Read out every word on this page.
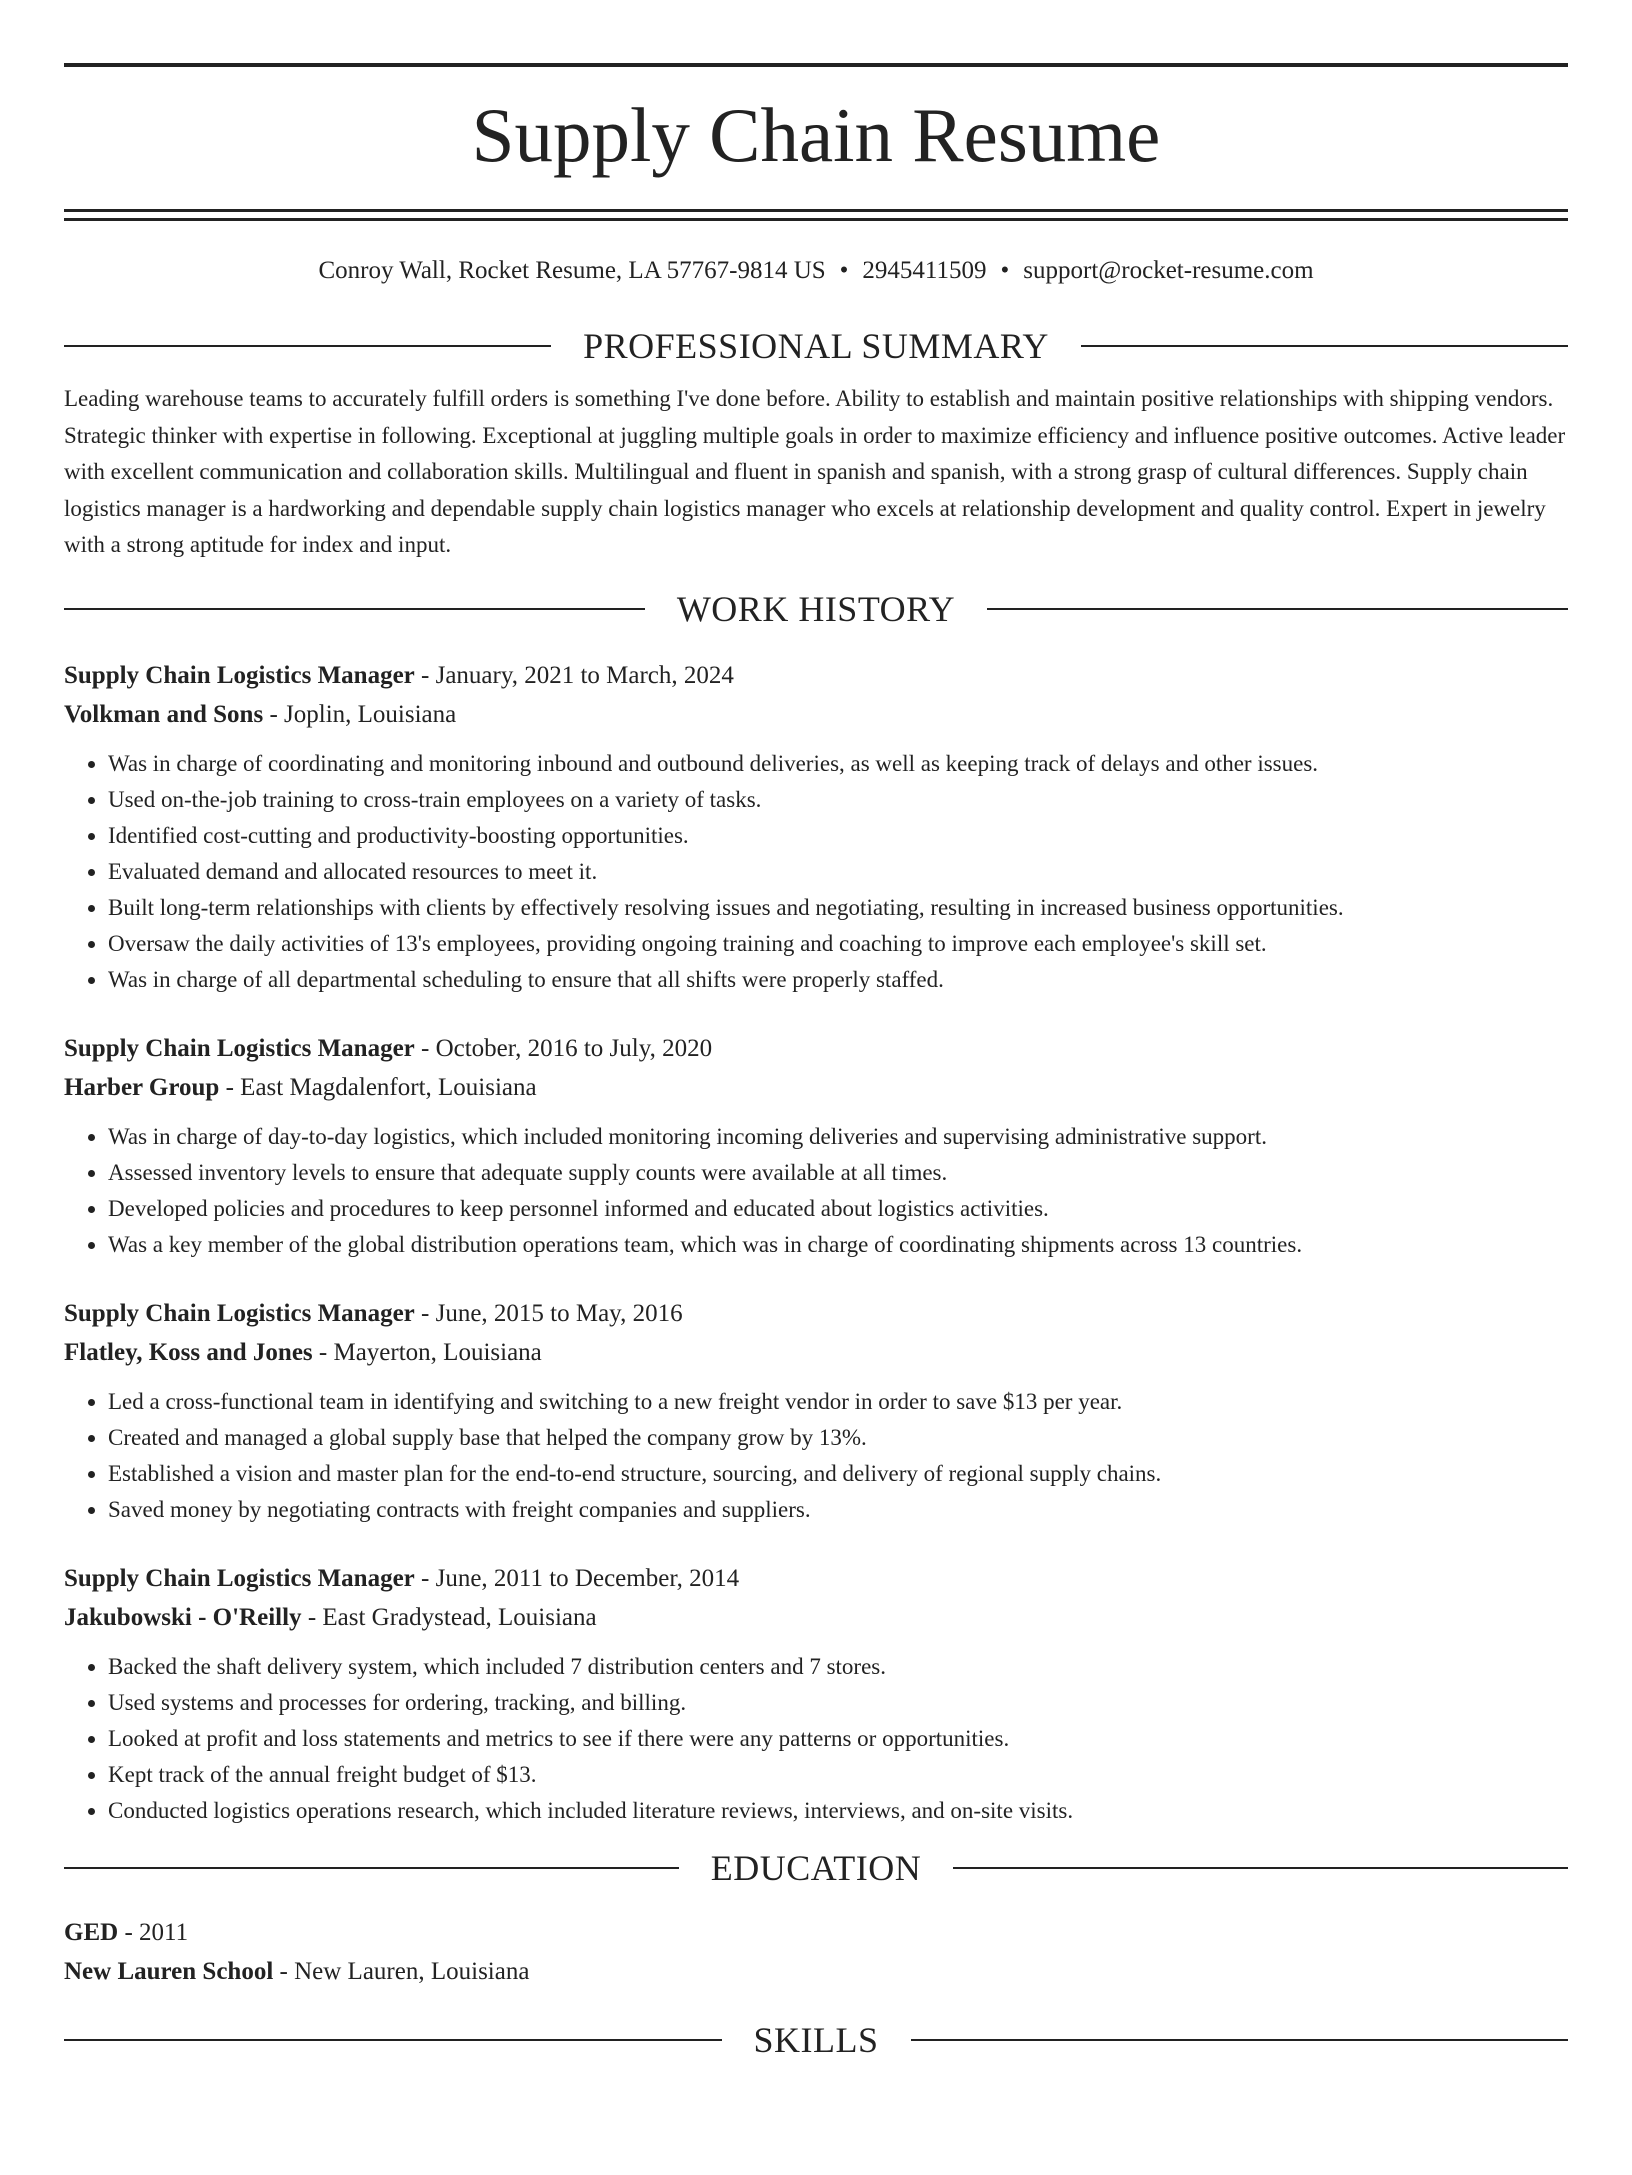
Supply Chain Resume
Conroy Wall, Rocket Resume, LA 57767-9814 US • 2945411509 • support@rocket-resume.com
PROFESSIONAL SUMMARY

Leading warehouse teams to accurately fulfill orders is something I've done before. Ability to establish and maintain positive relationships with shipping vendors. Strategic thinker with expertise in following. Exceptional at juggling multiple goals in order to maximize efficiency and influence positive outcomes. Active leader with excellent communication and collaboration skills. Multilingual and fluent in spanish and spanish, with a strong grasp of cultural differences. Supply chain logistics manager is a hardworking and dependable supply chain logistics manager who excels at relationship development and quality control. Expert in jewelry with a strong aptitude for index and input.

WORK HISTORY

Supply Chain Logistics Manager - January, 2021 to March, 2024

Volkman and Sons - Joplin, Louisiana

• Was in charge of coordinating and monitoring inbound and outbound deliveries, as well as keeping track of delays and other issues.
• Used on-the-job training to cross-train employees on a variety of tasks.
• Identified cost-cutting and productivity-boosting opportunities.
• Evaluated demand and allocated resources to meet it.
• Built long-term relationships with clients by effectively resolving issues and negotiating, resulting in increased business opportunities.
• Oversaw the daily activities of 13's employees, providing ongoing training and coaching to improve each employee's skill set.
• Was in charge of all departmental scheduling to ensure that all shifts were properly staffed.

Supply Chain Logistics Manager - October, 2016 to July, 2020

Harber Group - East Magdalenfort, Louisiana

• Was in charge of day-to-day logistics, which included monitoring incoming deliveries and supervising administrative support.
• Assessed inventory levels to ensure that adequate supply counts were available at all times.
• Developed policies and procedures to keep personnel informed and educated about logistics activities.
• Was a key member of the global distribution operations team, which was in charge of coordinating shipments across 13 countries.

Supply Chain Logistics Manager - June, 2015 to May, 2016

Flatley, Koss and Jones - Mayerton, Louisiana

• Led a cross-functional team in identifying and switching to a new freight vendor in order to save $13 per year.
• Created and managed a global supply base that helped the company grow by 13%.
• Established a vision and master plan for the end-to-end structure, sourcing, and delivery of regional supply chains.
• Saved money by negotiating contracts with freight companies and suppliers.

Supply Chain Logistics Manager - June, 2011 to December, 2014

Jakubowski - O'Reilly - East Gradystead, Louisiana

• Backed the shaft delivery system, which included 7 distribution centers and 7 stores.
• Used systems and processes for ordering, tracking, and billing.
• Looked at profit and loss statements and metrics to see if there were any patterns or opportunities.
• Kept track of the annual freight budget of $13.
• Conducted logistics operations research, which included literature reviews, interviews, and on-site visits.
EDUCATION

GED - 2011

New Lauren School - New Lauren, Louisiana

SKILLS
